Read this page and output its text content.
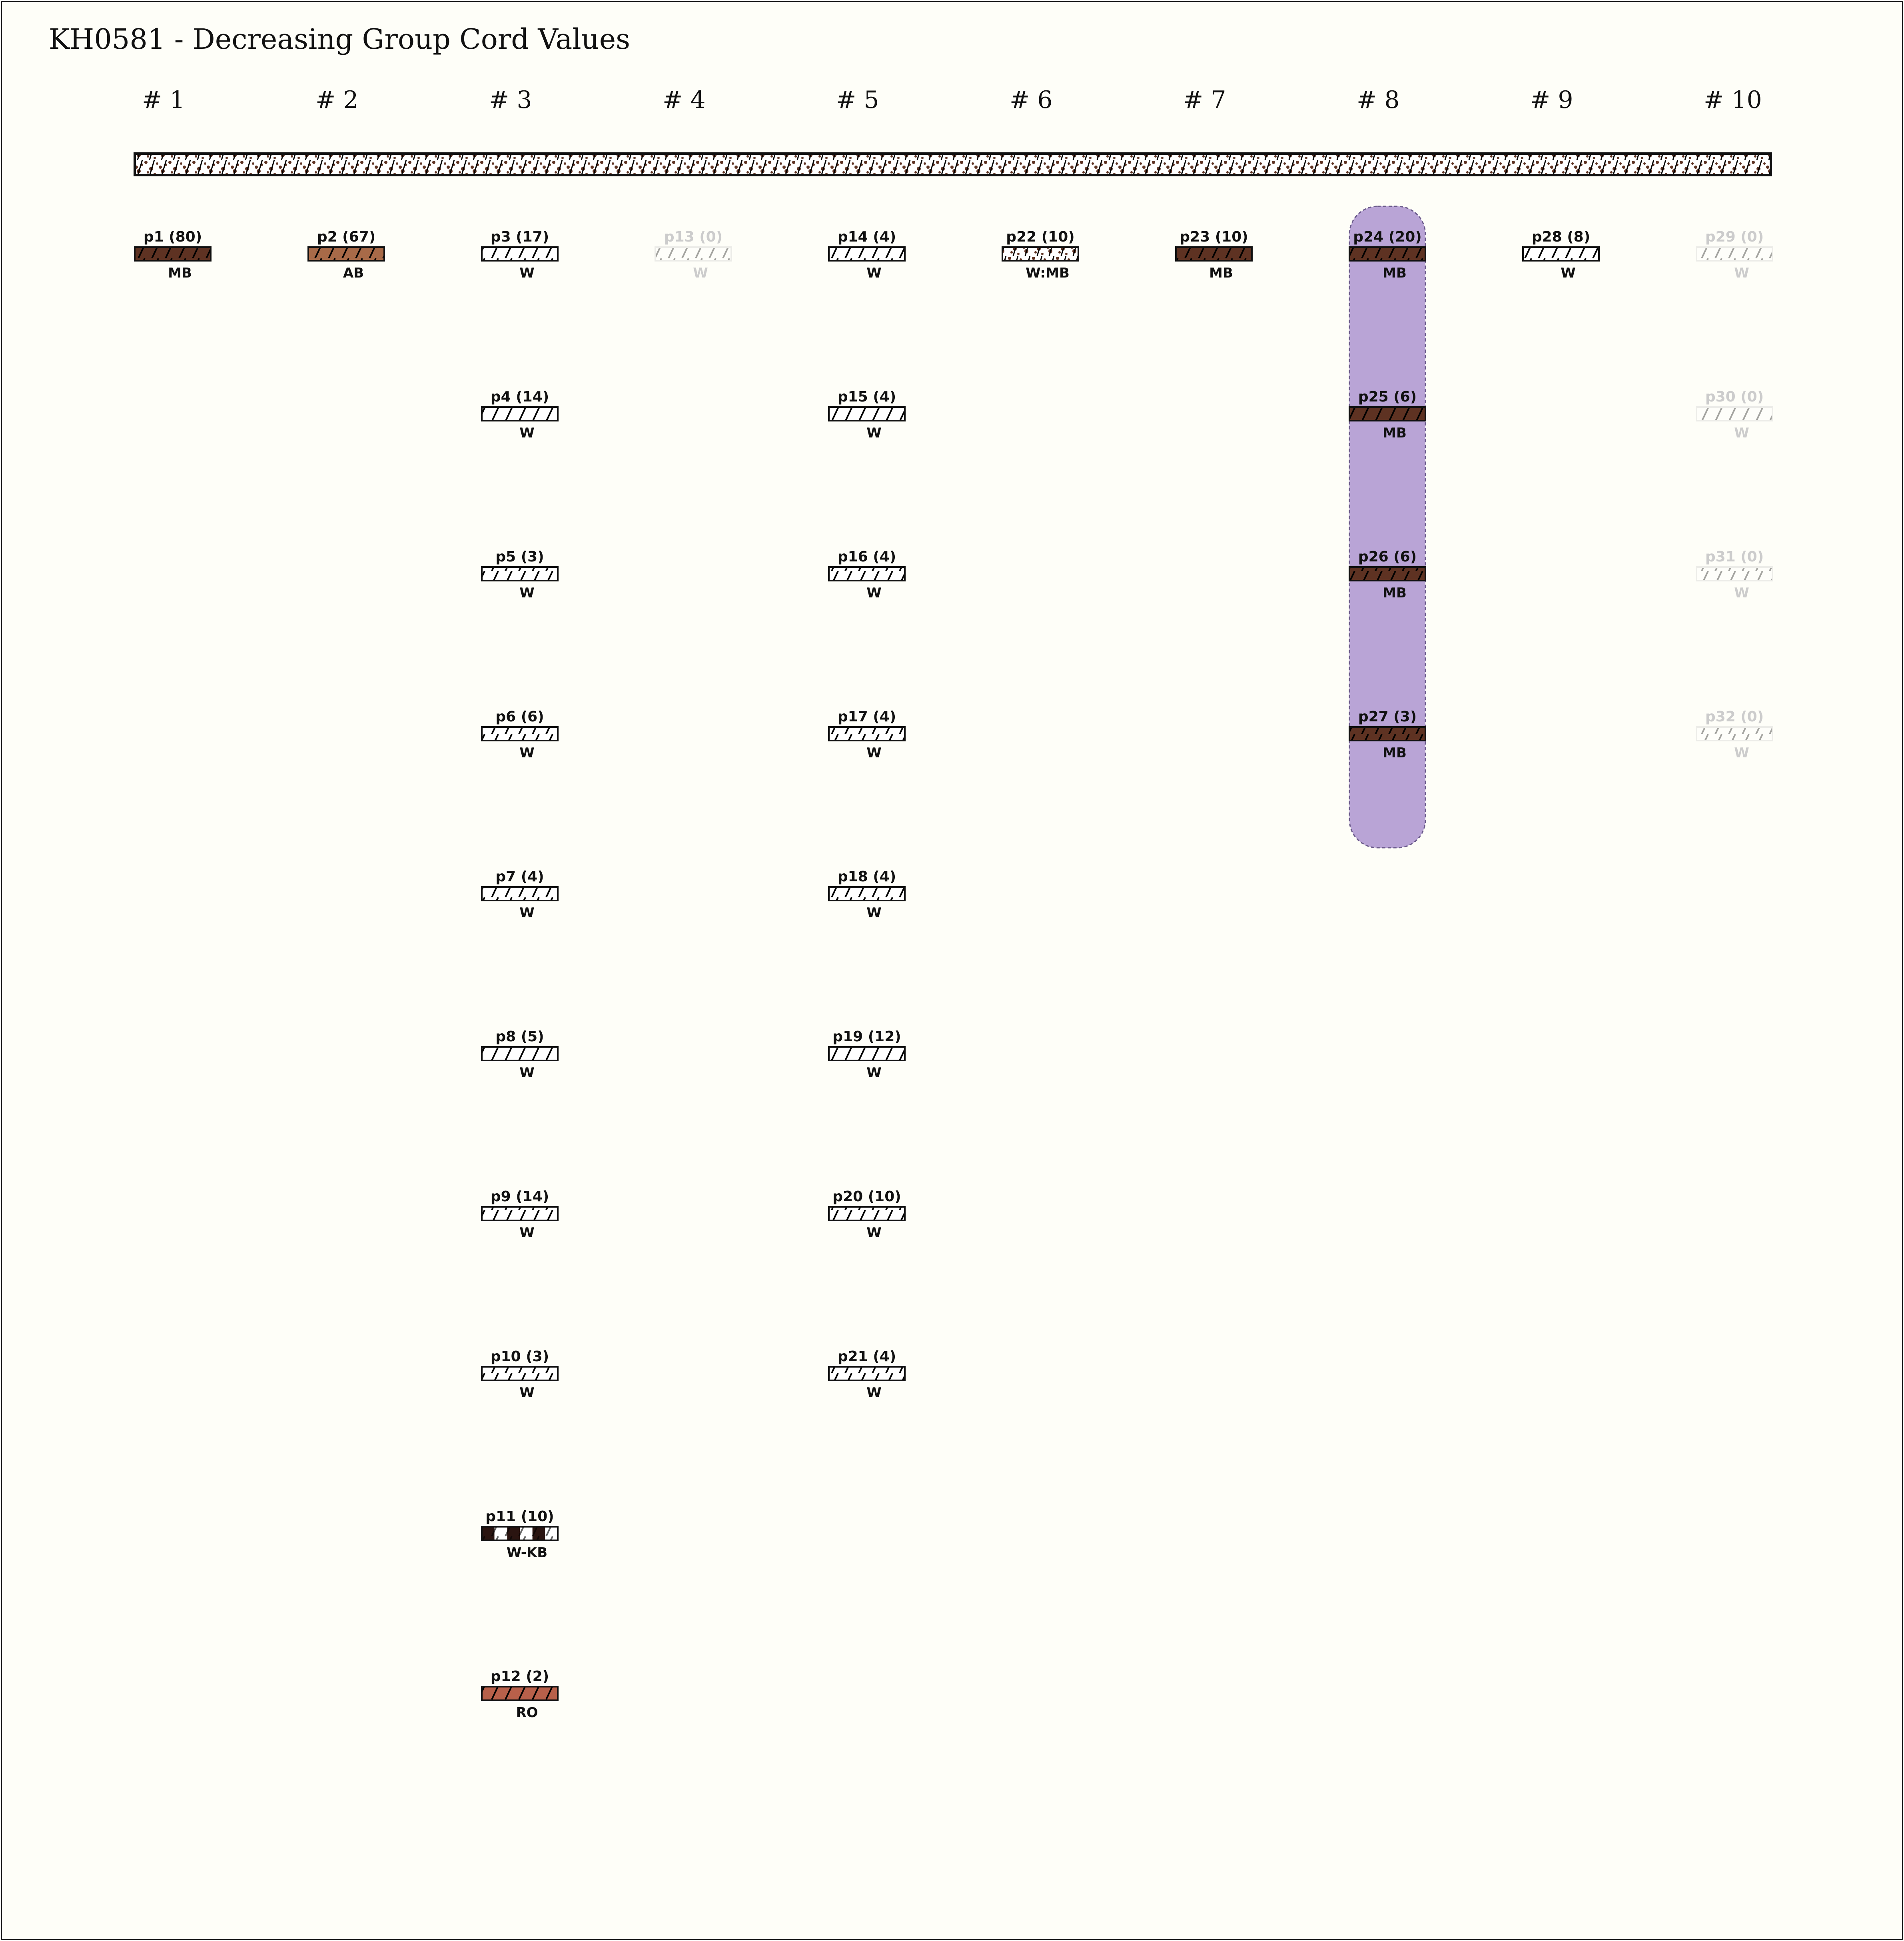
KH0581 - Decreasing Group Cord Values
# 1
p1 (80)
MB
# 2
p2 (67)
AB
# 3
p3 (17)
W
p4 (14)
W
p5 (3)
W
p6 (6)
W
p7 (4)
W
p8 (5)
W
p9 (14)
W
p10 (3)
W
p11 (10)
W-KB
p12 (2)
RO
# 4
p13 (0)
W
# 5
p14 (4)
W
p15 (4)
W
p16 (4)
W
p17 (4)
W
p18 (4)
W
p19 (12)
W
p20 (10)
W
p21 (4)
W
# 6
p22 (10)
W:MB
# 7
p23 (10)
MB
# 8
p24 (20)
MB
p25 (6)
MB
p26 (6)
MB
p27 (3)
MB
# 9
p28 (8)
W
# 10
p29 (0)
W
p30 (0)
W
p31 (0)
W
p32 (0)
W
